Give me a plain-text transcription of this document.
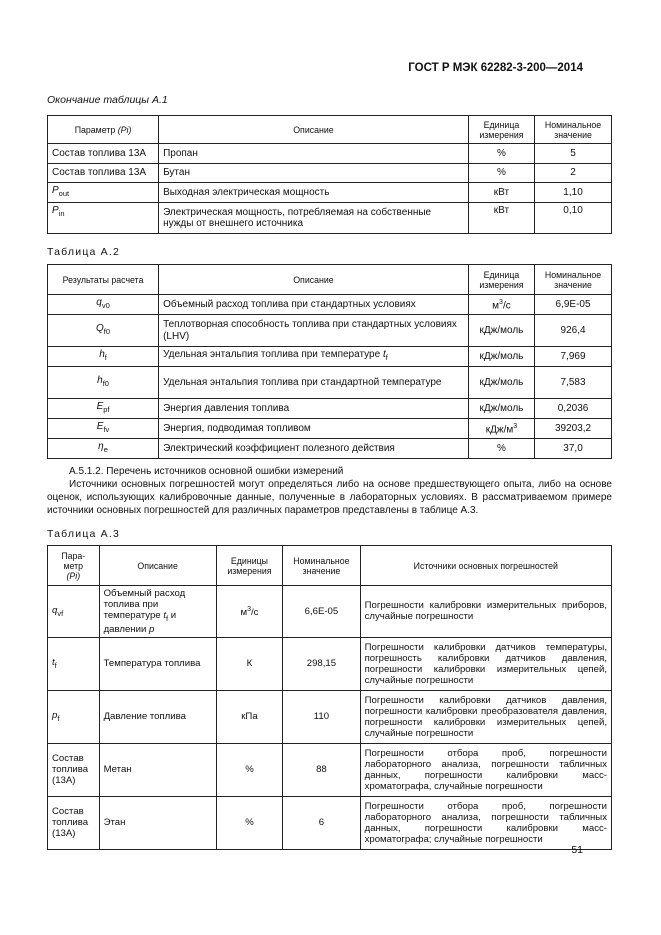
ГОСТ Р МЭК 62282-3-200—2014
Окончание таблицы А.1
Параметр (Pi)	Описание	Единица измерения	Номинальное значение
Состав топлива 13А	Пропан	%	5
Состав топлива 13А	Бутан	%	2
$P_{out}$	Выходная электрическая мощность	кВт	1,10
$P_{in}$	Электрическая мощность, потребляемая на собственные нужды от внешнего источника	кВт	0,10
Таблица А.2
Результаты расчета	Описание	Единица измерения	Номинальное значение
$q_{v0}$	Объемный расход топлива при стандартных условиях	$м^3/с$	6,9E-05
$Q_{f0}$	Теплотворная способность топлива при стандартных условиях (LHV)	кДж/моль	926,4
$h_f$	Удельная энтальпия топлива при температуре $t_f$	кДж/моль	7,969
$h_{f0}$	Удельная энтальпия топлива при стандартной температуре	кДж/моль	7,583
$E_{pf}$	Энергия давления топлива	кДж/моль	0,2036
$E_{fv}$	Энергия, подводимая топливом	кДж/$м^3$	39203,2
$\eta_e$	Электрический коэффициент полезного действия	%	37,0

А.5.1.2. Перечень источников основной ошибки измерений

Источники основных погрешностей могут определяться либо на основе предшествующего опыта, либо на основе оценок, использующих калибровочные данные, полученные в лабораторных условиях. В рассматриваемом примере источники основных погрешностей для различных параметров представлены в таблице А.3.

Таблица А.3
Пара-метр
(Pi)	Описание	Единицы измерения	Номинальное значение	Источники основных погрешностей
$q_{vf}$	Объемный расход топлива при температуре $t_f$ и давлении p	$м^3/с$	6,6E-05	Погрешности калибровки измерительных приборов, случайные погрешности
$t_f$	Температура топлива	К	298,15	Погрешности калибровки датчиков температуры, погрешность калибровки датчиков давления, погрешности калибровки измерительных цепей, случайные погрешности
$p_f$	Давление топлива	кПа	110	Погрешности калибровки датчиков давления, погрешности калибровки преобразователя давления, погрешности калибровки измерительных цепей, случайные погрешности
Состав топлива (13А)	Метан	%	88	Погрешности отбора проб, погрешности лабораторного анализа, погрешности табличных данных, погрешности калибровки масс-хроматографа, случайные погрешности
Состав топлива (13А)	Этан	%	6	Погрешности отбора проб, погрешности лабораторного анализа, погрешности табличных данных, погрешности калибровки масс-хроматографа; случайные погрешности
51
